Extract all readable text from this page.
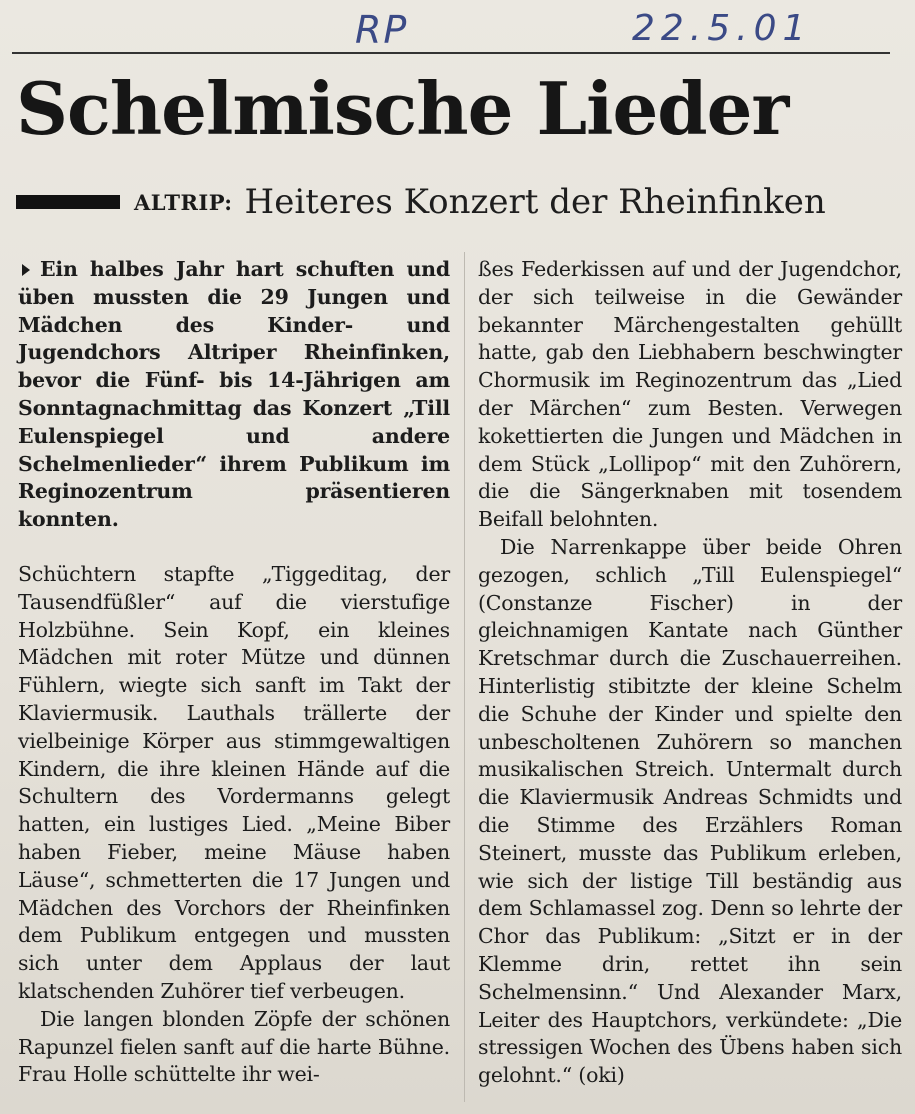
RP	22.5.01
Schelmische Lieder
ALTRIP: Heiteres Konzert der Rheinfinken
Ein halbes Jahr hart schuften und üben mussten die 29 Jungen und Mädchen des Kinder- und Jugendchors Altriper Rheinfinken, bevor die Fünf- bis 14-Jährigen am Sonntagnachmittag das Konzert „Till Eulenspiegel und andere Schelmenlieder“ ihrem Publikum im Reginozentrum präsentieren konnten.
Schüchtern stapfte „Tiggeditag, der Tausendfüßler“ auf die vierstufige Holzbühne. Sein Kopf, ein kleines Mädchen mit roter Mütze und dünnen Fühlern, wiegte sich sanft im Takt der Klaviermusik. Lauthals trällerte der vielbeinige Körper aus stimmgewaltigen Kindern, die ihre kleinen Hände auf die Schultern des Vordermanns gelegt hatten, ein lustiges Lied. „Meine Biber haben Fieber, meine Mäuse haben Läuse“, schmetterten die 17 Jungen und Mädchen des Vorchors der Rheinfinken dem Publikum entgegen und mussten sich unter dem Applaus der laut klatschenden Zuhörer tief verbeugen.
Die langen blonden Zöpfe der schönen Rapunzel fielen sanft auf die harte Bühne. Frau Holle schüttelte ihr wei-
ßes Federkissen auf und der Jugendchor, der sich teilweise in die Gewänder bekannter Märchengestalten gehüllt hatte, gab den Liebhabern beschwingter Chormusik im Reginozentrum das „Lied der Märchen“ zum Besten. Verwegen kokettierten die Jungen und Mädchen in dem Stück „Lollipop“ mit den Zuhörern, die die Sängerknaben mit tosendem Beifall belohnten.
Die Narrenkappe über beide Ohren gezogen, schlich „Till Eulenspiegel“ (Constanze Fischer) in der gleichnamigen Kantate nach Günther Kretschmar durch die Zuschauerreihen. Hinterlistig stibitzte der kleine Schelm die Schuhe der Kinder und spielte den unbescholtenen Zuhörern so manchen musikalischen Streich. Untermalt durch die Klaviermusik Andreas Schmidts und die Stimme des Erzählers Roman Steinert, musste das Publikum erleben, wie sich der listige Till beständig aus dem Schlamassel zog. Denn so lehrte der Chor das Publikum: „Sitzt er in der Klemme drin, rettet ihn sein Schelmensinn.“ Und Alexander Marx, Leiter des Hauptchors, verkündete: „Die stressigen Wochen des Übens haben sich gelohnt.“ (oki)
